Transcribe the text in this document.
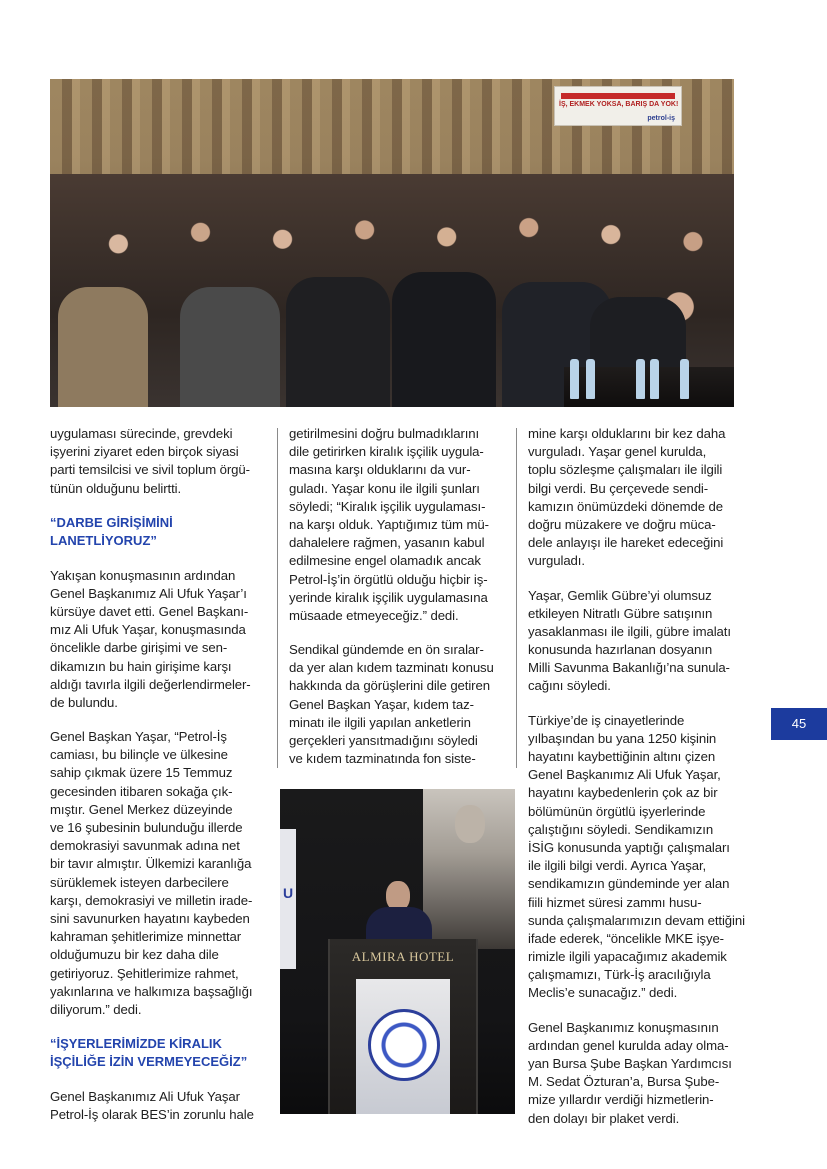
İŞ, EKMEK YOKSA, BARIŞ DA YOK!
petrol-iş
uygulaması sürecinde, grevdeki
işyerini ziyaret eden birçok siyasi
parti temsilcisi ve sivil toplum örgü-
tünün olduğunu belirtti.
“DARBE GİRİŞİMİNİ
LANETLİYORUZ”
Yakışan konuşmasının ardından
Genel Başkanımız Ali Ufuk Yaşar’ı
kürsüye davet etti. Genel Başkanı-
mız Ali Ufuk Yaşar, konuşmasında
öncelikle darbe girişimi ve sen-
dikamızın bu hain girişime karşı
aldığı tavırla ilgili değerlendirmeler-
de bulundu.
Genel Başkan Yaşar, “Petrol-İş
camiası, bu bilinçle ve ülkesine
sahip çıkmak üzere 15 Temmuz
gecesinden itibaren sokağa çık-
mıştır. Genel Merkez düzeyinde
ve 16 şubesinin bulunduğu illerde
demokrasiyi savunmak adına net
bir tavır almıştır. Ülkemizi karanlığa
sürüklemek isteyen darbecilere
karşı, demokrasiyi ve milletin irade-
sini savunurken hayatını kaybeden
kahraman şehitlerimize minnettar
olduğumuzu bir kez daha dile
getiriyoruz. Şehitlerimize rahmet,
yakınlarına ve halkımıza başsağlığı
diliyorum.” dedi.
“İŞYERLERİMİZDE KİRALIK
İŞÇİLİĞE İZİN VERMEYECEĞİZ”
Genel Başkanımız Ali Ufuk Yaşar
Petrol-İş olarak BES’in zorunlu hale
getirilmesini doğru bulmadıklarını
dile getirirken kiralık işçilik uygula-
masına karşı olduklarını da vur-
guladı. Yaşar konu ile ilgili şunları
söyledi; “Kiralık işçilik uygulaması-
na karşı olduk. Yaptığımız tüm mü-
dahalelere rağmen, yasanın kabul
edilmesine engel olamadık ancak
Petrol-İş’in örgütlü olduğu hiçbir iş-
yerinde kiralık işçilik uygulamasına
müsaade etmeyeceğiz.” dedi.
Sendikal gündemde en ön sıralar-
da yer alan kıdem tazminatı konusu
hakkında da görüşlerini dile getiren
Genel Başkan Yaşar, kıdem taz-
minatı ile ilgili yapılan anketlerin
gerçekleri yansıtmadığını söyledi
ve kıdem tazminatında fon siste-
mine karşı olduklarını bir kez daha
vurguladı. Yaşar genel kurulda,
toplu sözleşme çalışmaları ile ilgili
bilgi verdi. Bu çerçevede sendi-
kamızın önümüzdeki dönemde de
doğru müzakere ve doğru müca-
dele anlayışı ile hareket edeceğini
vurguladı.
Yaşar, Gemlik Gübre’yi olumsuz
etkileyen Nitratlı Gübre satışının
yasaklanması ile ilgili, gübre imalatı
konusunda hazırlanan dosyanın
Milli Savunma Bakanlığı’na sunula-
cağını söyledi.
Türkiye’de iş cinayetlerinde
yılbaşından bu yana 1250 kişinin
hayatını kaybettiğinin altını çizen
Genel Başkanımız Ali Ufuk Yaşar,
hayatını kaybedenlerin çok az bir
bölümünün örgütlü işyerlerinde
çalıştığını söyledi. Sendikamızın
İSİG konusunda yaptığı çalışmaları
ile ilgili bilgi verdi. Ayrıca Yaşar,
sendikamızın gündeminde yer alan
fiili hizmet süresi zammı husu-
sunda çalışmalarımızın devam ettiğini
ifade ederek, “öncelikle MKE işye-
rimizle ilgili yapacağımız akademik
çalışmamızı, Türk-İş aracılığıyla
Meclis’e sunacağız.” dedi.
Genel Başkanımız konuşmasının
ardından genel kurulda aday olma-
yan Bursa Şube Başkan Yardımcısı
M. Sedat Özturan’a, Bursa Şube-
mize yıllardır verdiği hizmetlerin-
den dolayı bir plaket verdi.
U
ALMIRA HOTEL
45
